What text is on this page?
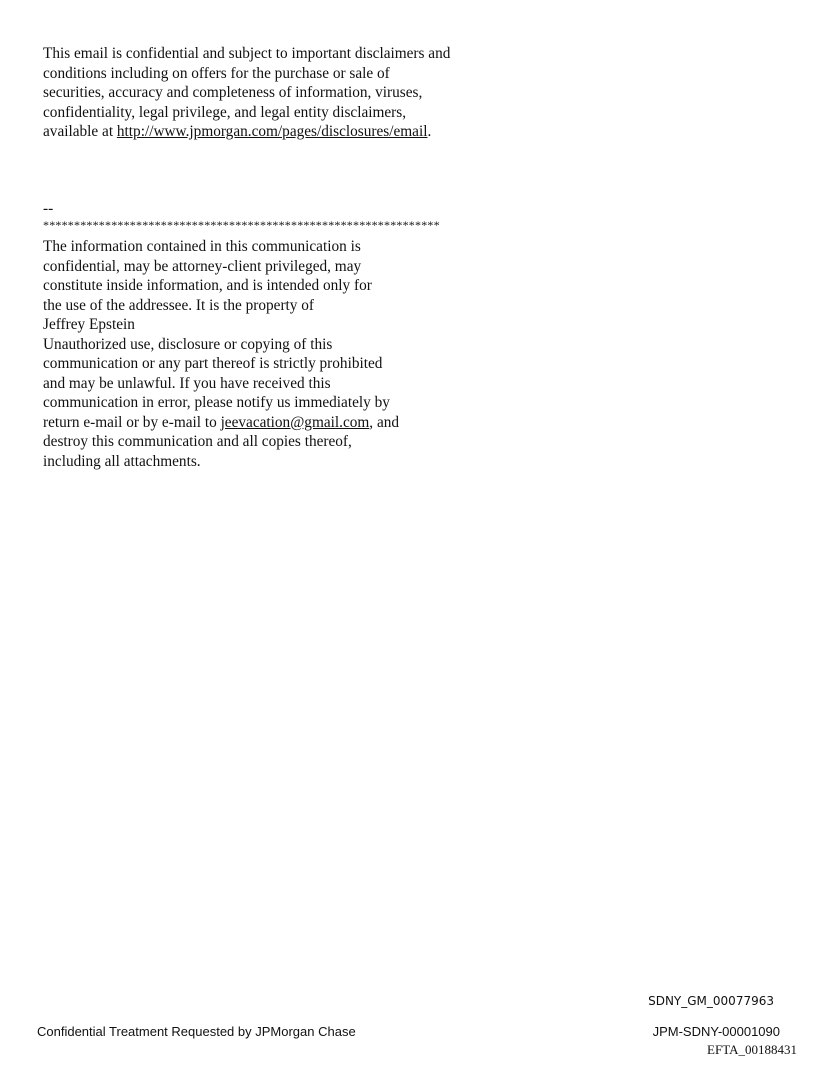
This email is confidential and subject to important disclaimers and
conditions including on offers for the purchase or sale of
securities, accuracy and completeness of information, viruses,
confidentiality, legal privilege, and legal entity disclaimers,
available at http://www.jpmorgan.com/pages/disclosures/email.
--
****************************************************************
The information contained in this communication is
confidential, may be attorney-client privileged, may
constitute inside information, and is intended only for
the use of the addressee. It is the property of
Jeffrey Epstein
Unauthorized use, disclosure or copying of this
communication or any part thereof is strictly prohibited
and may be unlawful. If you have received this
communication in error, please notify us immediately by
return e-mail or by e-mail to jeevacation@gmail.com, and
destroy this communication and all copies thereof,
including all attachments.
SDNY_GM_00077963
Confidential Treatment Requested by JPMorgan Chase	JPM-SDNY-00001090
EFTA_00188431
